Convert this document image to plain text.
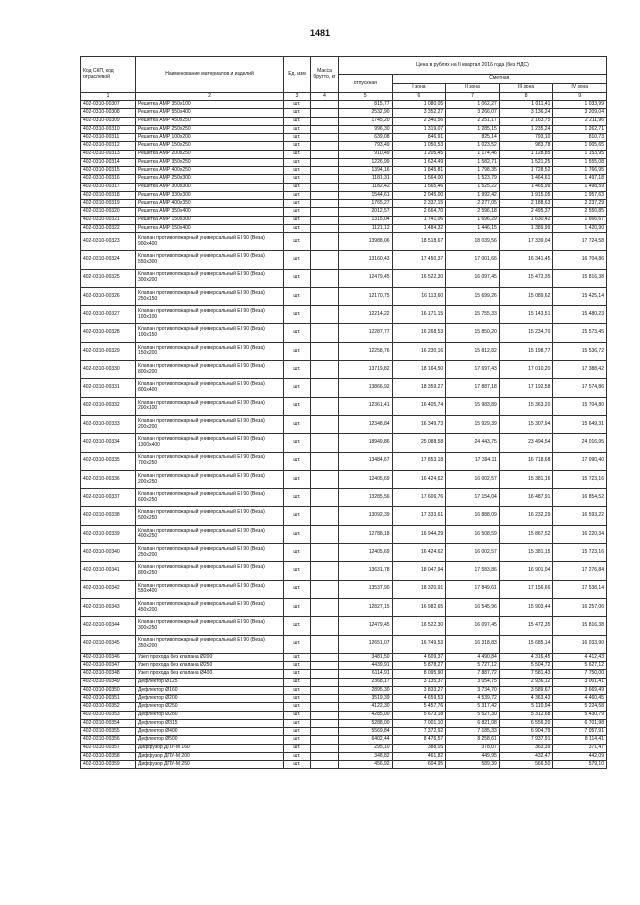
1481
Код СКП, код отраслевой	Наименование материалов и изделий	Ед. изм	Масса брутто, кг	Цена в рублях на II квартал 2016 года (без НДС)				
				отпускная	Сметная			
					I зона	II зона	III зона	IV зона
1	2	3	4	5	6	7	8	9
402-0310-00307	Решетка АМР 350х100	шт.		815,77	1 080,05	1 062,27	1 011,41	1 033,99
402-0310-00308	Решетка АМР 550х400	шт.		2532,90	3 352,27	3 266,07	3 136,24	3 209,04
402-0310-00309	Решетка АМР 450х250	шт.		1745,20	2 340,56	2 251,17	2 163,75	2 211,96
402-0310-00310	Решетка АМР 250х250	шт.		996,30	1 319,07	1 285,15	1 235,24	1 262,71
402-0310-00311	Решетка АМР 100х200	шт.		639,08	846,91	825,14	793,10	810,73
402-0310-00312	Решетка АМР 150х250	шт.		793,49	1 050,53	1 023,52	983,78	1 005,65
402-0310-00313	Решетка АМР 200х250	шт.		910,49	1 205,45	1 174,46	1 128,85	1 153,95
402-0310-00314	Решетка АМР 350х250	шт.		1226,99	1 624,49	1 582,71	1 521,25	1 555,08
402-0310-00315	Решетка АМР 400х250	шт.		1394,16	1 845,81	1 798,35	1 728,52	1 766,95
402-0310-00316	Решетка АМР 250х300	шт.		1181,31	1 564,00	1 523,79	1 464,61	1 497,18
402-0310-00317	Решетка АМР 300х300	шт.		1182,42	1 565,46	1 525,22	1 465,99	1 498,59
402-0310-00318	Решетка АМР 330х300	шт.		1544,61	2 045,00	1 992,42	1 915,05	1 957,63
402-0310-00319	Решетка АМР 400х350	шт.		1765,27	2 337,15	2 277,05	2 188,63	2 237,29
402-0310-00320	Решетка АМР 350х400	шт.		2012,57	2 664,70	2 596,18	2 495,37	2 550,85
402-0310-00321	Решетка АМР 150х300	шт.		1315,04	1 741,06	1 696,29	1 630,42	1 666,67
402-0310-00322	Решетка АМР 150х400	шт.		1121,12	1 484,32	1 446,15	1 389,99	1 420,90
402-0310-00323	Клапан противопожарный универсальный EI 90 (Веза) 900х400	шт.		13988,06	18 518,67	18 039,56	17 339,04	17 724,58
402-0310-00324	Клапан противопожарный универсальный EI 90 (Веза) 550х300	шт.		13160,43	17 450,37	17 001,66	16 341,45	16 704,86
402-0310-00325	Клапан противопожарный универсальный EI 90 (Веза) 300х200	шт.		12479,45	16 522,30	16 097,45	15 472,35	15 816,38
402-0310-00326	Клапан противопожарный универсальный EI 90 (Веза) 250х150	шт.		12170,75	16 113,60	15 699,26	15 089,62	15 425,14
402-0310-00327	Клапан противопожарный универсальный EI 90 (Веза) 100х100	шт.		12214,22	16 171,15	15 755,33	15 143,51	15 480,23
402-0310-00328	Клапан противопожарный универсальный EI 90 (Веза) 100х150	шт.		12287,77	16 268,53	15 850,20	15 234,70	15 573,45
402-0310-00329	Клапан противопожарный универсальный EI 90 (Веза) 150х200	шт.		12258,76	16 230,16	15 812,82	15 198,77	15 536,72
402-0310-00330	Клапан противопожарный универсальный EI 90 (Веза) 800х200	шт.		13719,82	18 164,50	17 697,43	17 010,20	17 388,42
402-0310-00331	Клапан противопожарный универсальный EI 90 (Веза) 800х400	шт.		13866,92	18 359,27	17 887,18	17 192,58	17 574,86
402-0310-00332	Клапан противопожарный универсальный EI 90 (Веза) 200х100	шт.		12361,41	16 405,74	15 983,89	15 363,20	15 704,80
402-0310-00333	Клапан противопожарный универсальный EI 90 (Веза) 200х200	шт.		12348,84	16 349,73	15 929,39	15 307,94	15 649,31
402-0310-00334	Клапан противопожарный универсальный EI 90 (Веза) 1300х400	шт.		18949,86	25 088,58	24 443,75	23 494,54	24 016,95
402-0310-00335	Клапан противопожарный универсальный EI 90 (Веза) 700х250	шт.		13484,67	17 853,18	17 394,11	16 718,68	17 090,40
402-0310-00336	Клапан противопожарный универсальный EI 90 (Веза) 200х250	шт.		12405,69	16 424,62	16 002,57	15 381,16	15 723,16
402-0310-00337	Клапан противопожарный универсальный EI 90 (Веза) 600х250	шт.		13285,56	17 606,76	17 154,04	16 487,91	16 854,52
402-0310-00338	Клапан противопожарный универсальный EI 90 (Веза) 500х250	шт.		13092,39	17 333,61	16 888,09	16 232,29	16 593,22
402-0310-00339	Клапан противопожарный универсальный EI 90 (Веза) 400х250	шт.		12788,18	16 944,29	16 508,59	15 867,52	16 220,34
402-0310-00340	Клапан противопожарный универсальный EI 90 (Веза) 250х200	шт.		12405,69	16 424,62	16 002,57	15 381,15	15 723,16
402-0310-00341	Клапан противопожарный универсальный EI 90 (Веза) 800х250	шт.		13631,78	18 047,94	17 583,86	16 901,04	17 276,84
402-0310-00342	Клапан противопожарный универсальный EI 90 (Веза) 550х400	шт.		13537,90	18 320,91	17 849,61	17 156,66	17 538,14
402-0310-00343	Клапан противопожарный универсальный EI 90 (Веза) 450х200	шт.		12827,15	16 982,65	16 545,96	15 903,44	16 257,06
402-0310-00344	Клапан противопожарный универсальный EI 90 (Веза) 300х250	шт.		12479,45	16 522,30	16 097,45	15 472,35	15 816,38
402-0310-00345	Клапан противопожарный универсальный EI 90 (Веза) 350х200	шт.		12651,07	16 749,53	16 318,83	15 685,14	16 033,90
402-0310-00346	Узел прохода без клапана Ø200	шт.		3481,50	4 609,37	4 490,84	4 316,45	4 412,43
402-0310-00347	Узел прохода без клапана Ø250	шт.		4439,91	5 878,27	5 727,12	5 504,72	5 627,12
402-0310-00348	Узел прохода без клапана Ø400	шт.		6114,91	8 095,90	7 887,72	7 581,43	7 750,00
402-0310-00349	Дефлектор Ø125	шт.		2368,17	3 135,37	3 054,75	2 936,12	3 001,41
402-0310-00350	Дефлектор Ø160	шт.		2895,30	3 833,27	3 734,70	3 589,67	3 669,49
402-0310-00351	Дефлектор Ø200	шт.		3519,39	4 659,53	4 539,72	4 363,43	4 460,45
402-0310-00352	Дефлектор Ø250	шт.		4122,30	5 457,76	5 317,42	5 110,94	5 224,58
402-0310-00353	Дефлектор Ø280	шт.		4285,00	5 673,18	5 527,30	5 312,68	5 430,79
402-0310-00354	Дефлектор Ø315	шт.		5288,00	7 001,10	6 821,08	6 556,20	6 701,98
402-0310-00355	Дефлектор Ø400	шт.		5569,84	7 372,92	7 185,33	6 904,79	7 057,91
402-0310-00356	Дефлектор Ø500	шт.		6402,44	8 476,57	8 258,61	7 937,91	8 114,41
402-0310-00357	Диффузор ДПУ-М 160	шт.		295,10	388,05	378,07	363,39	371,47
402-0310-00358	Диффузор ДПУ-М 200	шт.		348,82	461,82	449,95	432,47	442,09
402-0310-00359	Диффузор ДПУ-М 250	шт.		456,92	604,95	589,39	566,50	579,10
